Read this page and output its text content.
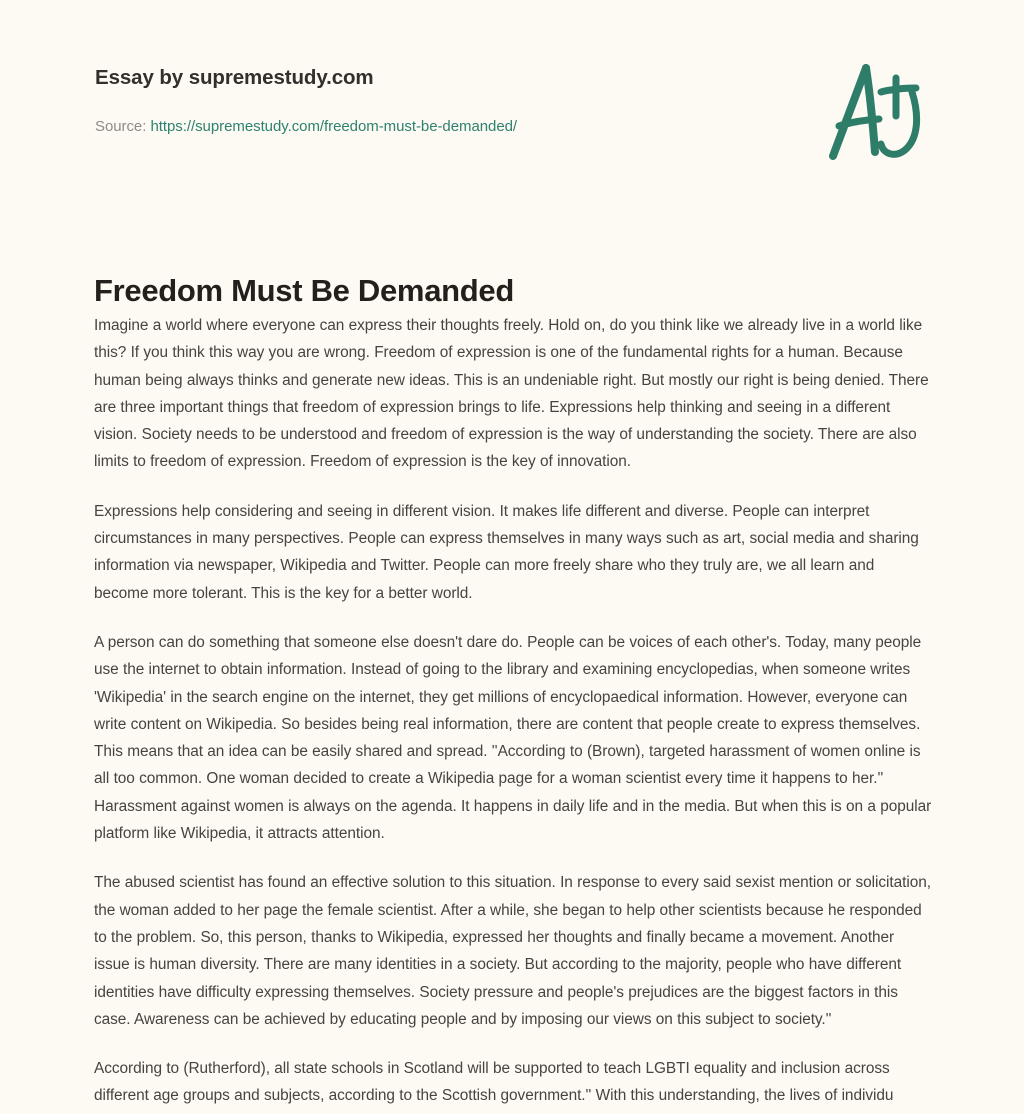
Essay by supremestudy.com
Source: https://supremestudy.com/freedom-must-be-demanded/
Freedom Must Be Demanded

Imagine a world where everyone can express their thoughts freely. Hold on, do you think like we already live in a world like this? If you think this way you are wrong. Freedom of expression is one of the fundamental rights for a human. Because human being always thinks and generate new ideas. This is an undeniable right. But mostly our right is being denied. There are three important things that freedom of expression brings to life. Expressions help thinking and seeing in a different vision. Society needs to be understood and freedom of expression is the way of understanding the society. There are also limits to freedom of expression. Freedom of expression is the key of innovation.

Expressions help considering and seeing in different vision. It makes life different and diverse. People can interpret circumstances in many perspectives. People can express themselves in many ways such as art, social media and sharing information via newspaper, Wikipedia and Twitter. People can more freely share who they truly are, we all learn and become more tolerant. This is the key for a better world.

A person can do something that someone else doesn't dare do. People can be voices of each other's. Today, many people use the internet to obtain information. Instead of going to the library and examining encyclopedias, when someone writes 'Wikipedia' in the search engine on the internet, they get millions of encyclopaedical information. However, everyone can write content on Wikipedia. So besides being real information, there are content that people create to express themselves. This means that an idea can be easily shared and spread. ''According to (Brown), targeted harassment of women online is all too common. One woman decided to create a Wikipedia page for a woman scientist every time it happens to her.'' Harassment against women is always on the agenda. It happens in daily life and in the media. But when this is on a popular platform like Wikipedia, it attracts attention.

The abused scientist has found an effective solution to this situation. In response to every said sexist mention or solicitation, the woman added to her page the female scientist. After a while, she began to help other scientists because he responded to the problem. So, this person, thanks to Wikipedia, expressed her thoughts and finally became a movement. Another issue is human diversity. There are many identities in a society. But according to the majority, people who have different identities have difficulty expressing themselves. Society pressure and people's prejudices are the biggest factors in this case. Awareness can be achieved by educating people and by imposing our views on this subject to society.''

According to (Rutherford), all state schools in Scotland will be supported to teach LGBTI equality and inclusion across different age groups and subjects, according to the Scottish government.'' With this understanding, the lives of individu
